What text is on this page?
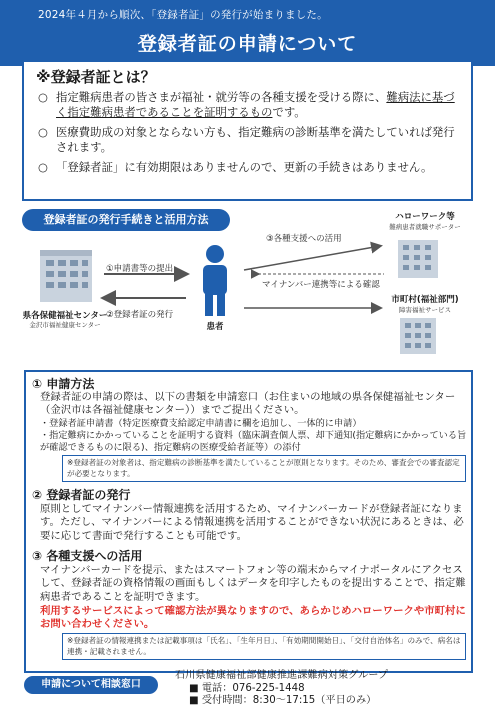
2024年４月から順次、「登録者証」の発行が始まりました。
登録者証の申請について
※登録者証とは？
○ 指定難病患者の皆さまが福祉・就労等の各種支援を受ける際に、難病法に基づく指定難病患者であることを証明するものです。
○ 医療費助成の対象とならない方も、指定難病の診断基準を満たしていれば発行されます。
○ 「登録者証」に有効期限はありませんので、更新の手続きはありません。
登録者証の発行手続きと活用方法
県各保健福祉センター
金沢市福祉健康センター
①申請書等の提出
②登録者証の発行
患者
③各種支援への活用
マイナンバー連携等による確認
ハローワーク等
難病患者就職サポーター
市町村(福祉部門)
障害福祉サービス
① 申請方法
登録者証の申請の際は、以下の書類を申請窓口（お住まいの地域の県各保健福祉センター（金沢市は各福祉健康センター））までご提出ください。
・登録者証申請書（特定医療費支給認定申請書に欄を追加し、一体的に申請）
・指定難病にかかっていることを証明する資料（臨床調査個人票、却下通知(指定難病にかかっている旨が確認できるものに限る)、指定難病の医療受給者証等）の添付
※登録者証の対象者は、指定難病の診断基準を満たしていることが原則となります。そのため、審査会での審査認定が必要となります。
② 登録者証の発行
原則としてマイナンバー情報連携を活用するため、マイナンバーカードが登録者証になります。ただし、マイナンバーによる情報連携を活用することができない状況にあるときは、必要に応じて書面で発行することも可能です。
③ 各種支援への活用
マイナンバーカードを提示、またはスマートフォン等の端末からマイナポータルにアクセスして、登録者証の資格情報の画面もしくはデータを印字したものを提出することで、指定難病患者であることを証明できます。
利用するサービスによって確認方法が異なりますので、あらかじめハローワークや市町村にお問い合わせください。
※登録者証の情報連携または記載事項は「氏名」、「生年月日」、「有効期間開始日」、「交付自治体名」のみで、病名は連携・記載されません。
申請について相談窓口
石川県健康福祉部健康推進課難病対策グループ
■ 電話：076-225-1448
■ 受付時間：8:30〜17:15（平日のみ）
